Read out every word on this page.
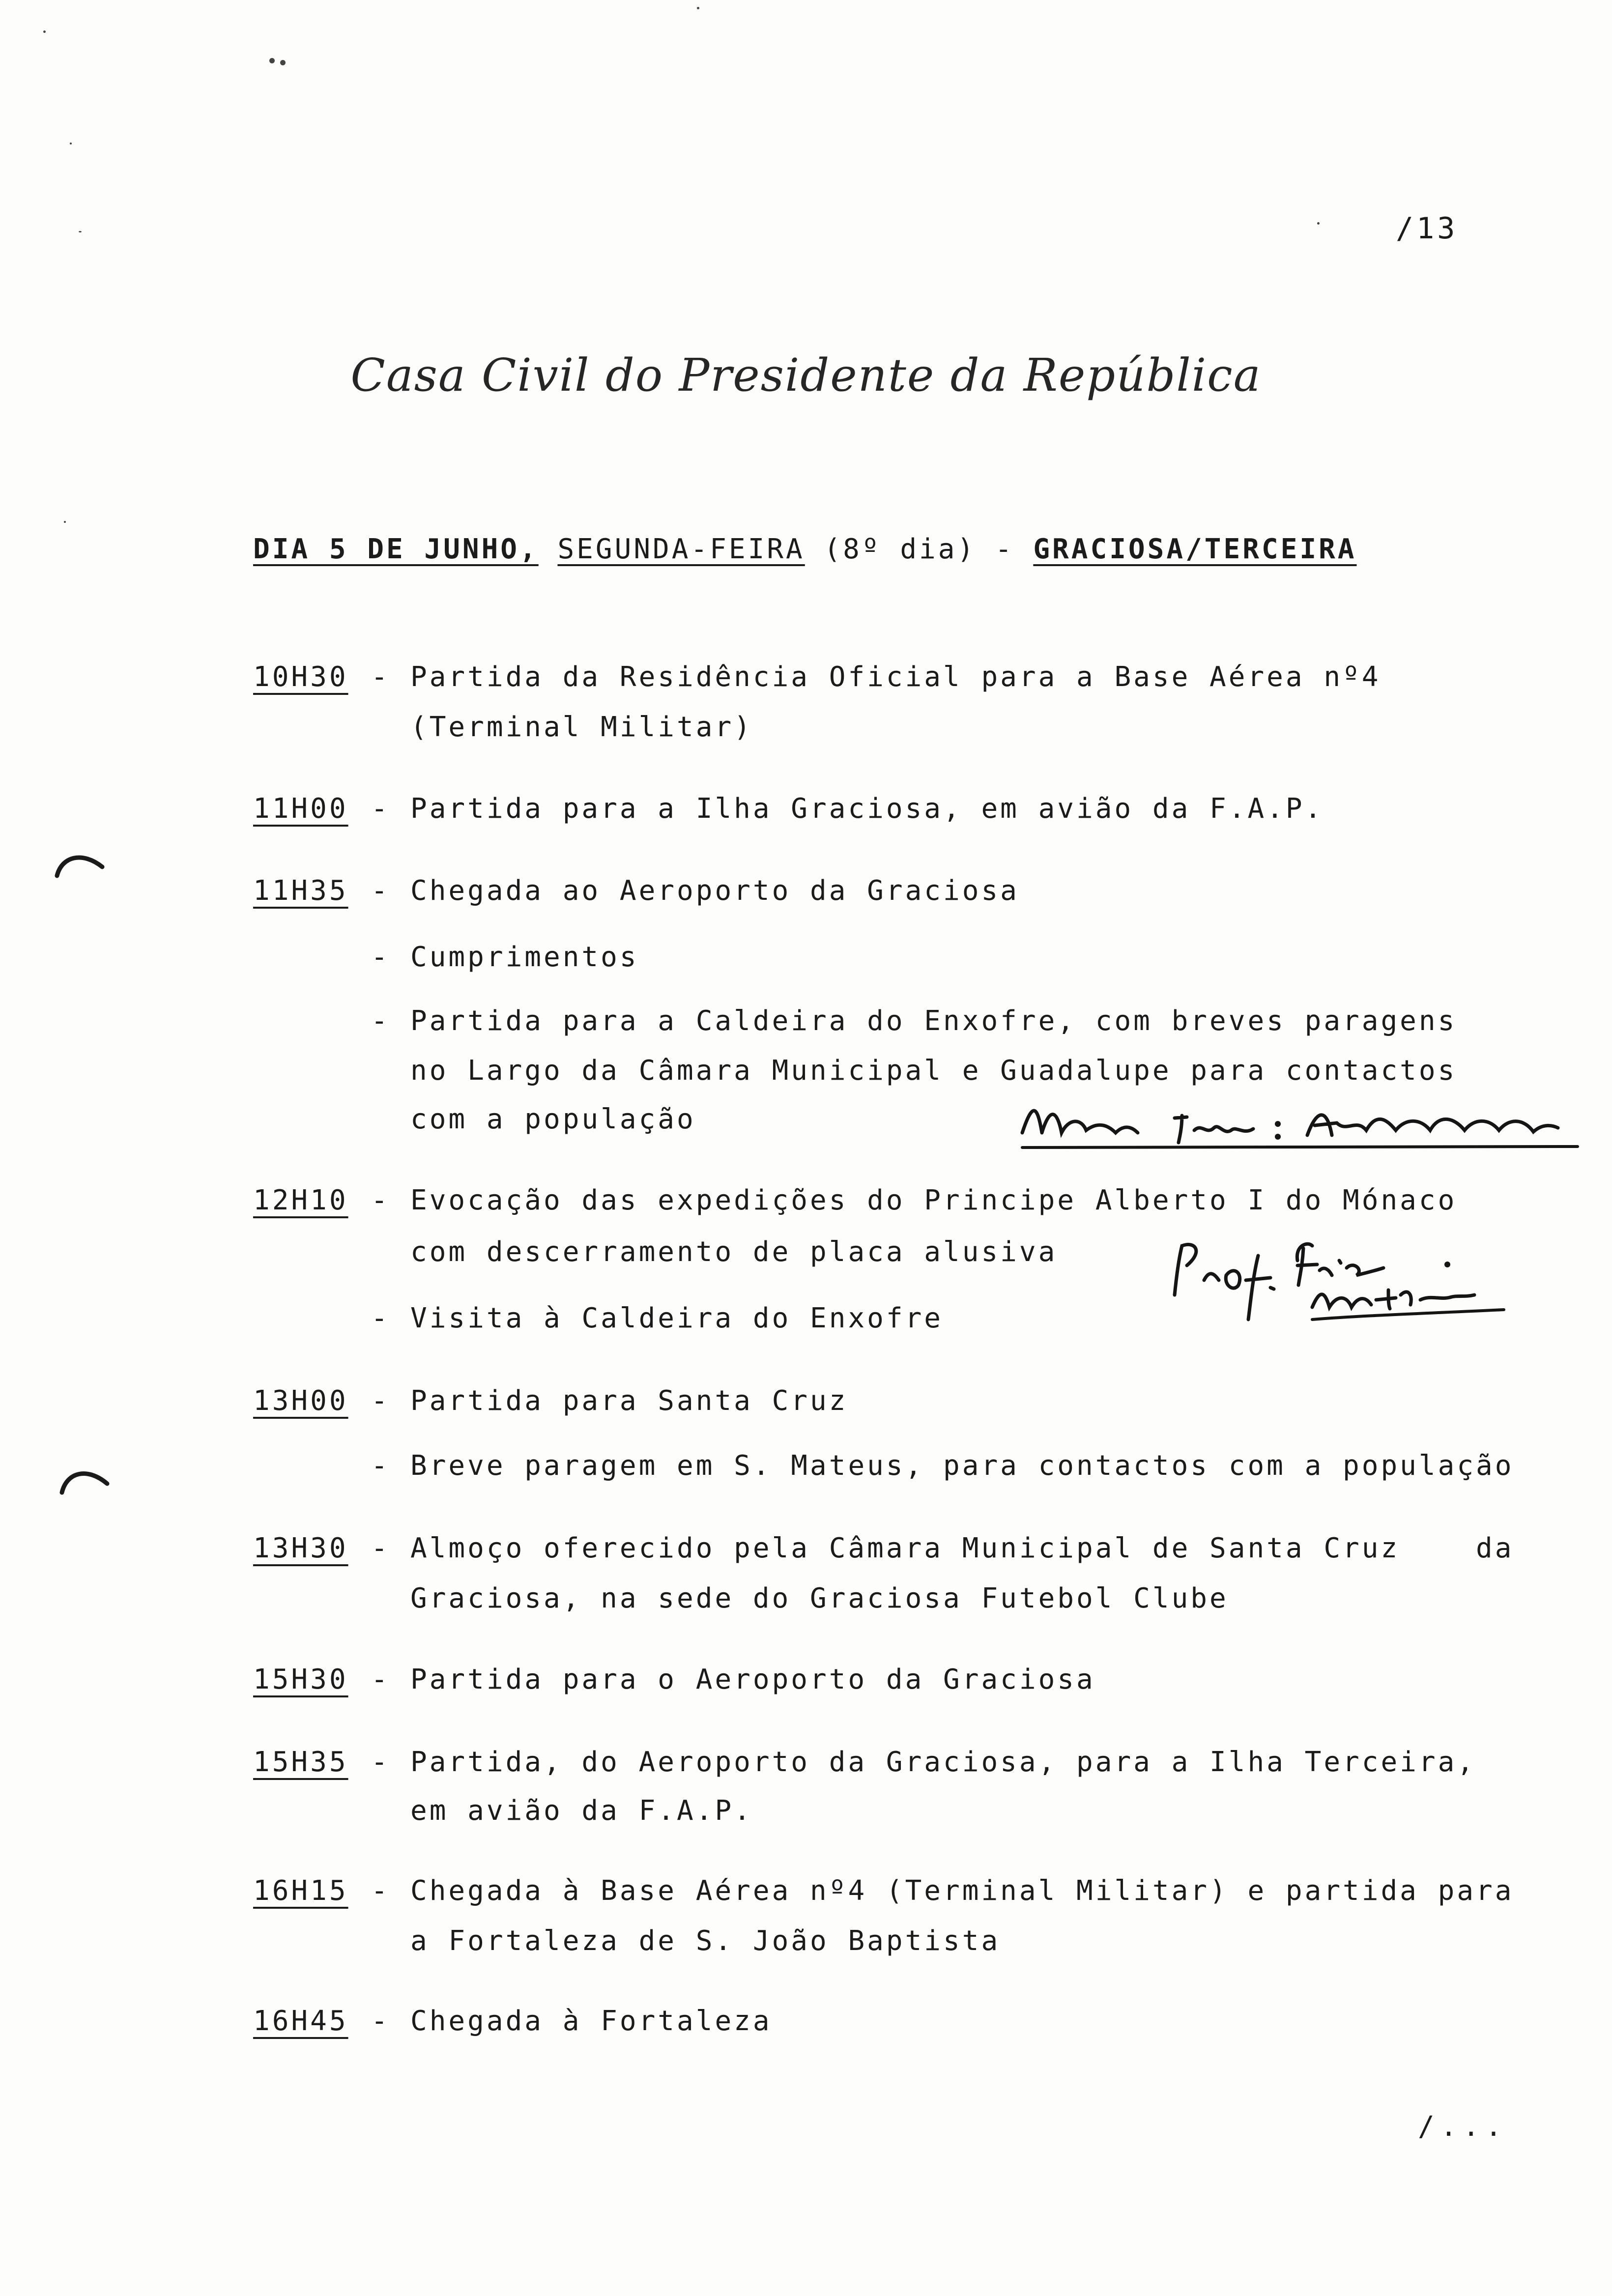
/13
Casa Civil do Presidente da República
DIA 5 DE JUNHO, SEGUNDA-FEIRA (8º dia) - GRACIOSA/TERCEIRA
10H30 - Partida da Residência Oficial para a Base Aérea nº4
(Terminal Militar)
11H00 - Partida para a Ilha Graciosa, em avião da F.A.P.
11H35 - Chegada ao Aeroporto da Graciosa
- Cumprimentos
- Partida para a Caldeira do Enxofre, com breves paragens
no Largo da Câmara Municipal e Guadalupe para contactos
com a população
12H10 - Evocação das expedições do Principe Alberto I do Mónaco
com descerramento de placa alusiva
- Visita à Caldeira do Enxofre
13H00 - Partida para Santa Cruz
- Breve paragem em S. Mateus, para contactos com a população
13H30 - Almoço oferecido pela Câmara Municipal de Santa Cruz    da
Graciosa, na sede do Graciosa Futebol Clube
15H30 - Partida para o Aeroporto da Graciosa
15H35 - Partida, do Aeroporto da Graciosa, para a Ilha Terceira,
em avião da F.A.P.
16H15 - Chegada à Base Aérea nº4 (Terminal Militar) e partida para
a Fortaleza de S. João Baptista
16H45 - Chegada à Fortaleza
/...
